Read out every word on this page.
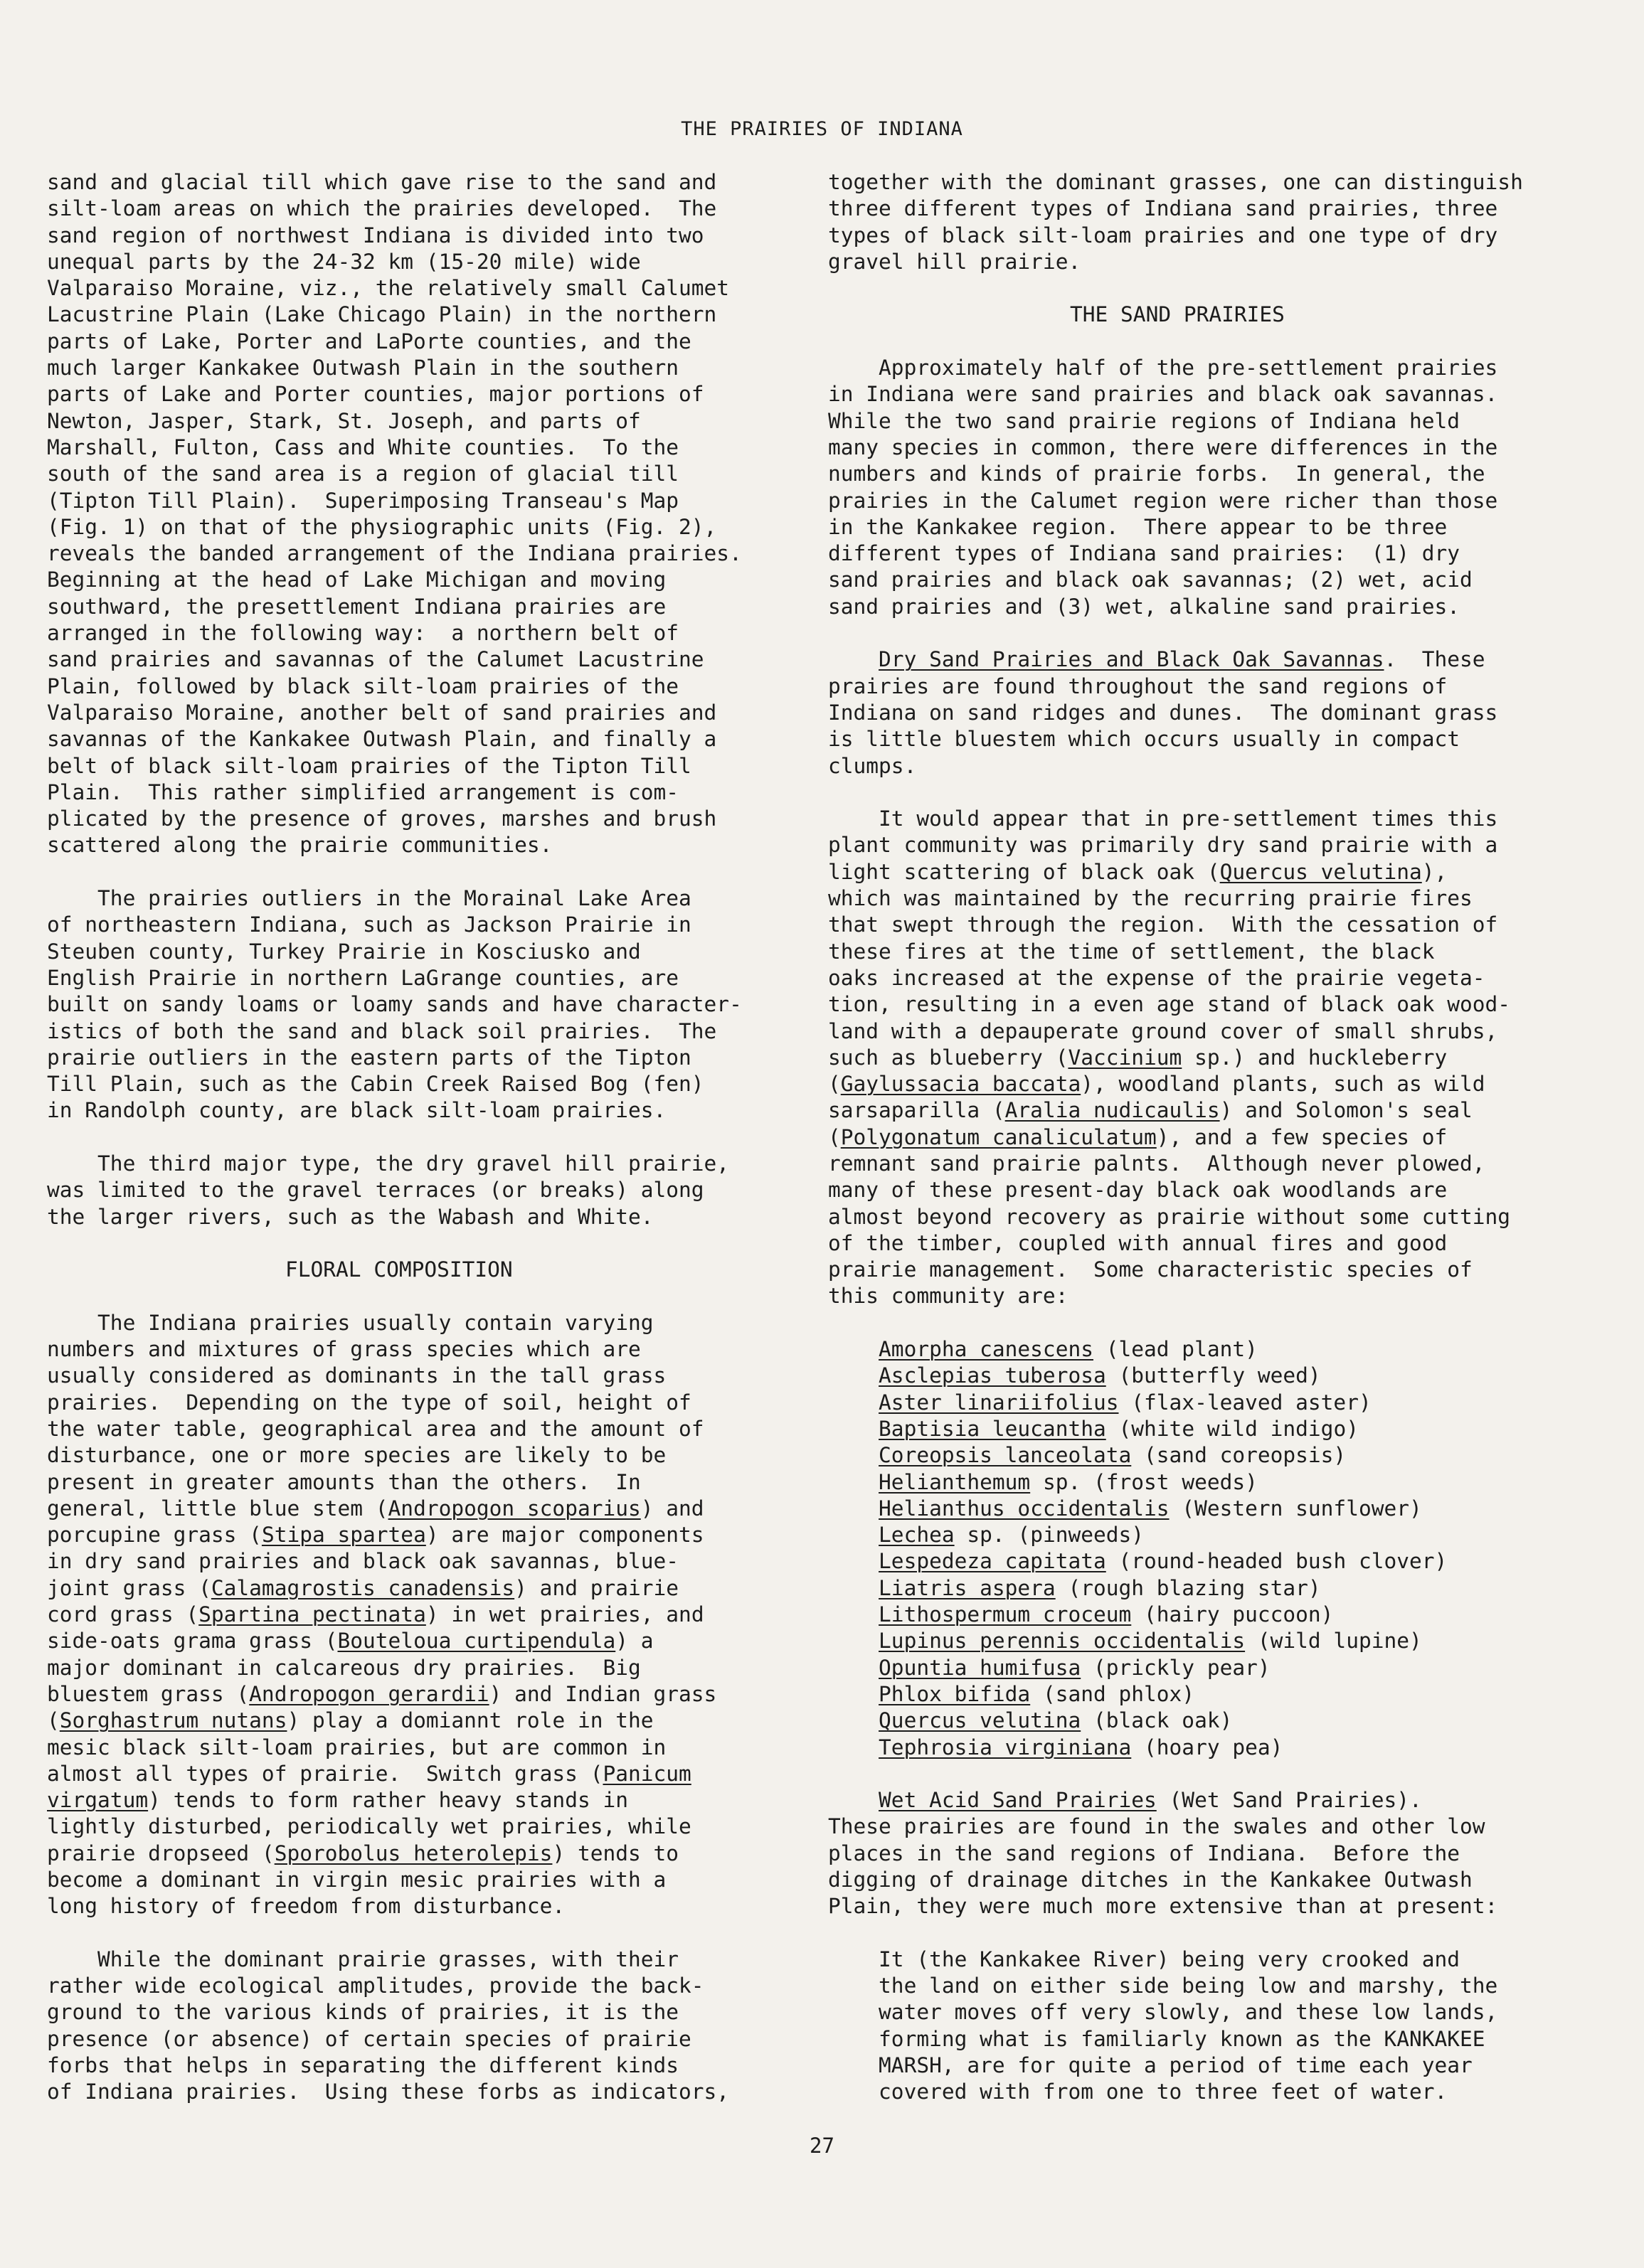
THE PRAIRIES OF INDIANA
sand and glacial till which gave rise to the sand and
silt-loam areas on which the prairies developed.  The
sand region of northwest Indiana is divided into two
unequal parts by the 24-32 km (15-20 mile) wide
Valparaiso Moraine, viz., the relatively small Calumet
Lacustrine Plain (Lake Chicago Plain) in the northern
parts of Lake, Porter and LaPorte counties, and the
much larger Kankakee Outwash Plain in the southern
parts of Lake and Porter counties, major portions of
Newton, Jasper, Stark, St. Joseph, and parts of
Marshall, Fulton, Cass and White counties.  To the
south of the sand area is a region of glacial till
(Tipton Till Plain).  Superimposing Transeau's Map
(Fig. 1) on that of the physiographic units (Fig. 2),
reveals the banded arrangement of the Indiana prairies.
Beginning at the head of Lake Michigan and moving
southward, the presettlement Indiana prairies are
arranged in the following way:  a northern belt of
sand prairies and savannas of the Calumet Lacustrine
Plain, followed by black silt-loam prairies of the
Valparaiso Moraine, another belt of sand prairies and
savannas of the Kankakee Outwash Plain, and finally a
belt of black silt-loam prairies of the Tipton Till
Plain.  This rather simplified arrangement is com-
plicated by the presence of groves, marshes and brush
scattered along the prairie communities.
The prairies outliers in the Morainal Lake Area
of northeastern Indiana, such as Jackson Prairie in
Steuben county, Turkey Prairie in Kosciusko and
English Prairie in northern LaGrange counties, are
built on sandy loams or loamy sands and have character-
istics of both the sand and black soil prairies.  The
prairie outliers in the eastern parts of the Tipton
Till Plain, such as the Cabin Creek Raised Bog (fen)
in Randolph county, are black silt-loam prairies.
The third major type, the dry gravel hill prairie,
was limited to the gravel terraces (or breaks) along
the larger rivers, such as the Wabash and White.
FLORAL COMPOSITION
The Indiana prairies usually contain varying
numbers and mixtures of grass species which are
usually considered as dominants in the tall grass
prairies.  Depending on the type of soil, height of
the water table, geographical area and the amount of
disturbance, one or more species are likely to be
present in greater amounts than the others.  In
general, little blue stem (Andropogon scoparius) and
porcupine grass (Stipa spartea) are major components
in dry sand prairies and black oak savannas, blue-
joint grass (Calamagrostis canadensis) and prairie
cord grass (Spartina pectinata) in wet prairies, and
side-oats grama grass (Bouteloua curtipendula) a
major dominant in calcareous dry prairies.  Big
bluestem grass (Andropogon gerardii) and Indian grass
(Sorghastrum nutans) play a domiannt role in the
mesic black silt-loam prairies, but are common in
almost all types of prairie.  Switch grass (Panicum
virgatum) tends to form rather heavy stands in
lightly disturbed, periodically wet prairies, while
prairie dropseed (Sporobolus heterolepis) tends to
become a dominant in virgin mesic prairies with a
long history of freedom from disturbance.
While the dominant prairie grasses, with their
rather wide ecological amplitudes, provide the back-
ground to the various kinds of prairies, it is the
presence (or absence) of certain species of prairie
forbs that helps in separating the different kinds
of Indiana prairies.  Using these forbs as indicators,
together with the dominant grasses, one can distinguish
three different types of Indiana sand prairies, three
types of black silt-loam prairies and one type of dry
gravel hill prairie.
THE SAND PRAIRIES
Approximately half of the pre-settlement prairies
in Indiana were sand prairies and black oak savannas.
While the two sand prairie regions of Indiana held
many species in common, there were differences in the
numbers and kinds of prairie forbs.  In general, the
prairies in the Calumet region were richer than those
in the Kankakee region.  There appear to be three
different types of Indiana sand prairies:  (1) dry
sand prairies and black oak savannas; (2) wet, acid
sand prairies and (3) wet, alkaline sand prairies.
Dry Sand Prairies and Black Oak Savannas.  These
prairies are found throughout the sand regions of
Indiana on sand ridges and dunes.  The dominant grass
is little bluestem which occurs usually in compact
clumps.
It would appear that in pre-settlement times this
plant community was primarily dry sand prairie with a
light scattering of black oak (Quercus velutina),
which was maintained by the recurring prairie fires
that swept through the region.  With the cessation of
these fires at the time of settlement, the black
oaks increased at the expense of the prairie vegeta-
tion, resulting in a even age stand of black oak wood-
land with a depauperate ground cover of small shrubs,
such as blueberry (Vaccinium sp.) and huckleberry
(Gaylussacia baccata), woodland plants, such as wild
sarsaparilla (Aralia nudicaulis) and Solomon's seal
(Polygonatum canaliculatum), and a few species of
remnant sand prairie palnts.  Although never plowed,
many of these present-day black oak woodlands are
almost beyond recovery as prairie without some cutting
of the timber, coupled with annual fires and good
prairie management.  Some characteristic species of
this community are:
Amorpha canescens (lead plant)
Asclepias tuberosa (butterfly weed)
Aster linariifolius (flax-leaved aster)
Baptisia leucantha (white wild indigo)
Coreopsis lanceolata (sand coreopsis)
Helianthemum sp. (frost weeds)
Helianthus occidentalis (Western sunflower)
Lechea sp. (pinweeds)
Lespedeza capitata (round-headed bush clover)
Liatris aspera (rough blazing star)
Lithospermum croceum (hairy puccoon)
Lupinus perennis occidentalis (wild lupine)
Opuntia humifusa (prickly pear)
Phlox bifida (sand phlox)
Quercus velutina (black oak)
Tephrosia virginiana (hoary pea)
Wet Acid Sand Prairies (Wet Sand Prairies).
These prairies are found in the swales and other low
places in the sand regions of Indiana.  Before the
digging of drainage ditches in the Kankakee Outwash
Plain, they were much more extensive than at present:
It (the Kankakee River) being very crooked and
the land on either side being low and marshy, the
water moves off very slowly, and these low lands,
forming what is familiarly known as the KANKAKEE
MARSH, are for quite a period of time each year
covered with from one to three feet of water.
27
